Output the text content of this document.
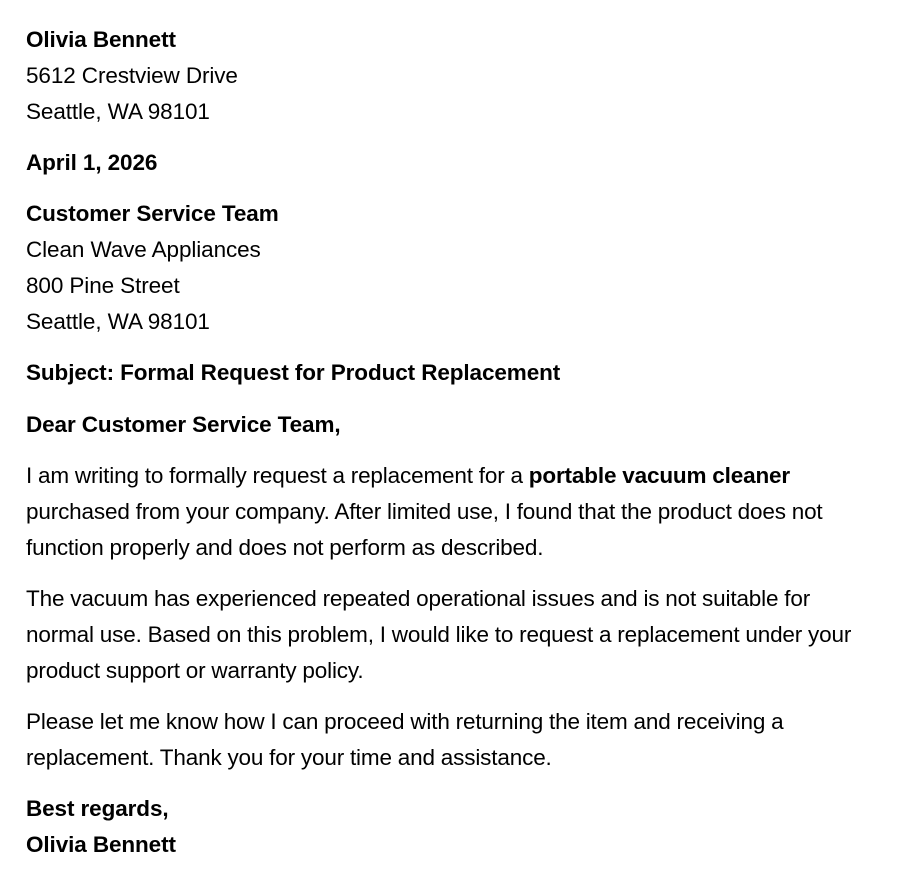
Olivia Bennett
5612 Crestview Drive
Seattle, WA 98101
April 1, 2026
Customer Service Team
Clean Wave Appliances
800 Pine Street
Seattle, WA 98101
Subject: Formal Request for Product Replacement
Dear Customer Service Team,

I am writing to formally request a replacement for a portable vacuum cleaner purchased from your company. After limited use, I found that the product does not function properly and does not perform as described.

The vacuum has experienced repeated operational issues and is not suitable for normal use. Based on this problem, I would like to request a replacement under your product support or warranty policy.

Please let me know how I can proceed with returning the item and receiving a replacement. Thank you for your time and assistance.

Best regards,
Olivia Bennett
